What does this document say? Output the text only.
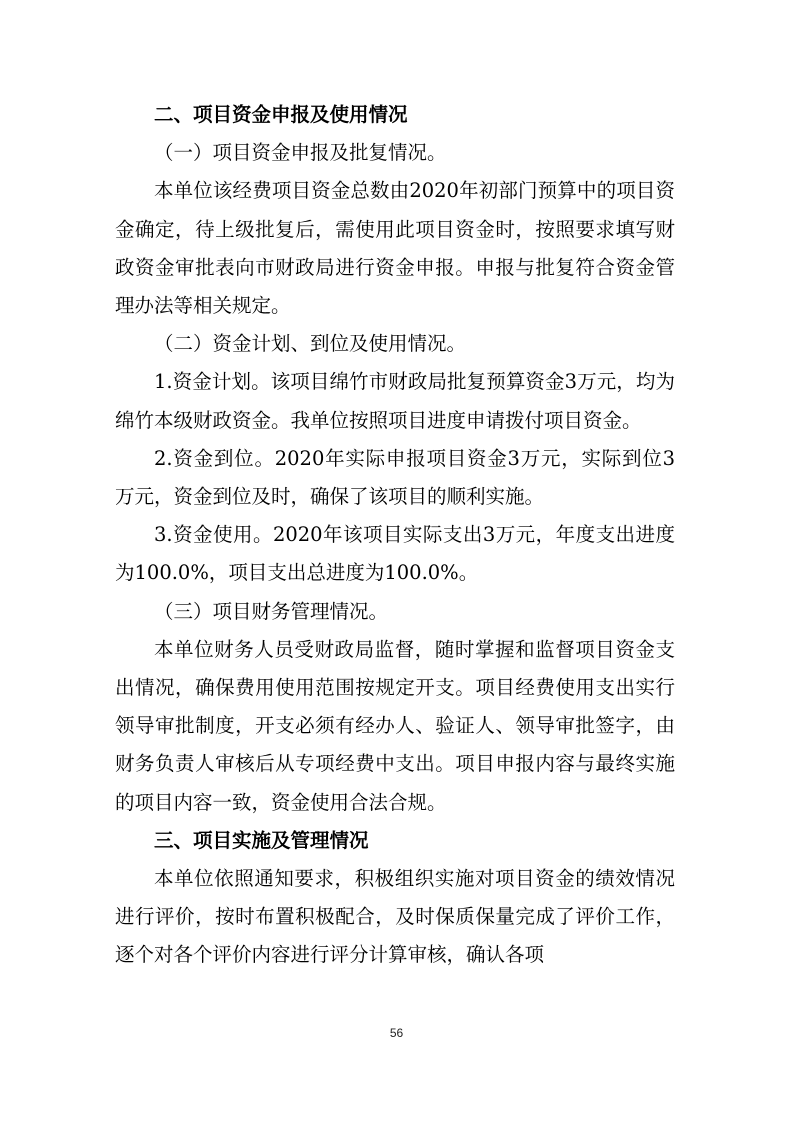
二、项目资金申报及使用情况

（一）项目资金申报及批复情况。

本单位该经费项目资金总数由2020年初部门预算中的项目资金确定，待上级批复后，需使用此项目资金时，按照要求填写财政资金审批表向市财政局进行资金申报。申报与批复符合资金管理办法等相关规定。

（二）资金计划、到位及使用情况。

1.资金计划。该项目绵竹市财政局批复预算资金3万元，均为绵竹本级财政资金。我单位按照项目进度申请拨付项目资金。

2.资金到位。2020年实际申报项目资金3万元，实际到位3万元，资金到位及时，确保了该项目的顺利实施。

3.资金使用。2020年该项目实际支出3万元，年度支出进度为100.0%，项目支出总进度为100.0%。

（三）项目财务管理情况。

本单位财务人员受财政局监督，随时掌握和监督项目资金支出情况，确保费用使用范围按规定开支。项目经费使用支出实行领导审批制度，开支必须有经办人、验证人、领导审批签字，由财务负责人审核后从专项经费中支出。项目申报内容与最终实施的项目内容一致，资金使用合法合规。

三、项目实施及管理情况

本单位依照通知要求，积极组织实施对项目资金的绩效情况进行评价，按时布置积极配合，及时保质保量完成了评价工作，逐个对各个评价内容进行评分计算审核，确认各项

56
